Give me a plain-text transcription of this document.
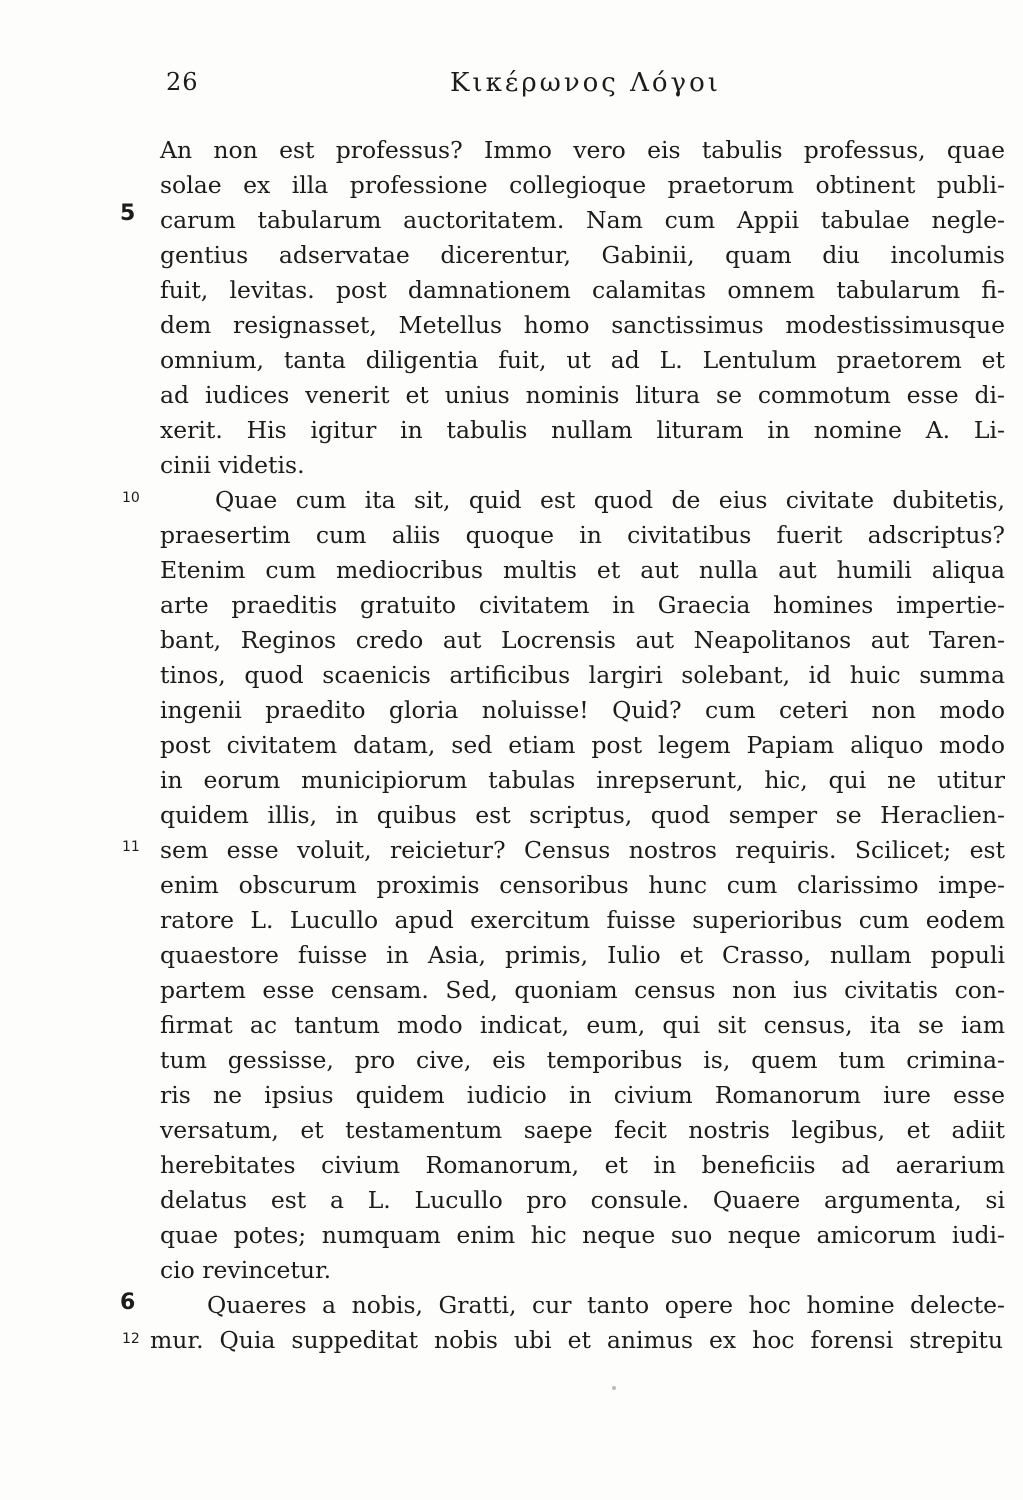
26	Κικέρωνος Λόγοι
5
10
11
6
12
An non est professus? Immo vero eis tabulis professus, quae
solae ex illa professione collegioque praetorum obtinent publi-
carum tabularum auctoritatem. Nam cum Appii tabulae negle-
gentius adservatae dicerentur, Gabinii, quam diu incolumis
fuit, levitas. post damnationem calamitas omnem tabularum fi-
dem resignasset, Metellus homo sanctissimus modestissimusque
omnium, tanta diligentia fuit, ut ad L. Lentulum praetorem et
ad iudices venerit et unius nominis litura se commotum esse di-
xerit. His igitur in tabulis nullam lituram in nomine A. Li-
cinii videtis.
Quae cum ita sit, quid est quod de eius civitate dubitetis,
praesertim cum aliis quoque in civitatibus fuerit adscriptus?
Etenim cum mediocribus multis et aut nulla aut humili aliqua
arte praeditis gratuito civitatem in Graecia homines impertie-
bant, Reginos credo aut Locrensis aut Neapolitanos aut Taren-
tinos, quod scaenicis artificibus largiri solebant, id huic summa
ingenii praedito gloria noluisse! Quid? cum ceteri non modo
post civitatem datam, sed etiam post legem Papiam aliquo modo
in eorum municipiorum tabulas inrepserunt, hic, qui ne utitur
quidem illis, in quibus est scriptus, quod semper se Heraclien-
sem esse voluit, reicietur? Census nostros requiris. Scilicet; est
enim obscurum proximis censoribus hunc cum clarissimo impe-
ratore L. Lucullo apud exercitum fuisse superioribus cum eodem
quaestore fuisse in Asia, primis, Iulio et Crasso, nullam populi
partem esse censam. Sed, quoniam census non ius civitatis con-
firmat ac tantum modo indicat, eum, qui sit census, ita se iam
tum gessisse, pro cive, eis temporibus is, quem tum crimina-
ris ne ipsius quidem iudicio in civium Romanorum iure esse
versatum, et testamentum saepe fecit nostris legibus, et adiit
herebitates civium Romanorum, et in beneficiis ad aerarium
delatus est a L. Lucullo pro consule. Quaere argumenta, si
quae potes; numquam enim hic neque suo neque amicorum iudi-
cio revincetur.
Quaeres a nobis, Gratti, cur tanto opere hoc homine delecte-
mur. Quia suppeditat nobis ubi et animus ex hoc forensi strepitu
